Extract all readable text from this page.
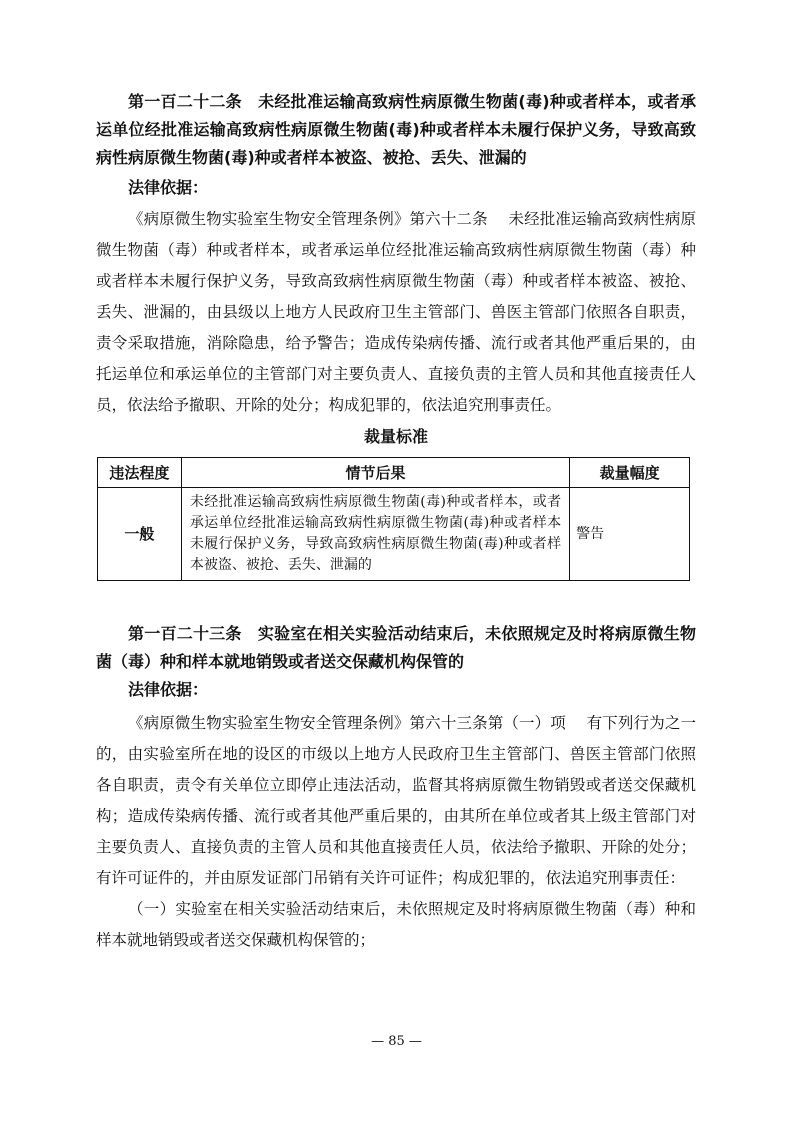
第一百二十二条　未经批准运输高致病性病原微生物菌(毒)种或者样本，或者承运单位经批准运输高致病性病原微生物菌(毒)种或者样本未履行保护义务，导致高致病性病原微生物菌(毒)种或者样本被盗、被抢、丢失、泄漏的

法律依据：

《病原微生物实验室生物安全管理条例》第六十二条　 未经批准运输高致病性病原微生物菌（毒）种或者样本，或者承运单位经批准运输高致病性病原微生物菌（毒）种或者样本未履行保护义务，导致高致病性病原微生物菌（毒）种或者样本被盗、被抢、丢失、泄漏的，由县级以上地方人民政府卫生主管部门、兽医主管部门依照各自职责，责令采取措施，消除隐患，给予警告；造成传染病传播、流行或者其他严重后果的，由托运单位和承运单位的主管部门对主要负责人、直接负责的主管人员和其他直接责任人员，依法给予撤职、开除的处分；构成犯罪的，依法追究刑事责任。

裁量标准
违法程度	情节后果	裁量幅度
一般	未经批准运输高致病性病原微生物菌(毒)种或者样本，或者承运单位经批准运输高致病性病原微生物菌(毒)种或者样本未履行保护义务，导致高致病性病原微生物菌(毒)种或者样本被盗、被抢、丢失、泄漏的	警告

第一百二十三条　实验室在相关实验活动结束后，未依照规定及时将病原微生物菌（毒）种和样本就地销毁或者送交保藏机构保管的

法律依据：

《病原微生物实验室生物安全管理条例》第六十三条第（一）项　 有下列行为之一的，由实验室所在地的设区的市级以上地方人民政府卫生主管部门、兽医主管部门依照各自职责，责令有关单位立即停止违法活动，监督其将病原微生物销毁或者送交保藏机构；造成传染病传播、流行或者其他严重后果的，由其所在单位或者其上级主管部门对主要负责人、直接负责的主管人员和其他直接责任人员，依法给予撤职、开除的处分；有许可证件的，并由原发证部门吊销有关许可证件；构成犯罪的，依法追究刑事责任：

（一）实验室在相关实验活动结束后，未依照规定及时将病原微生物菌（毒）种和样本就地销毁或者送交保藏机构保管的；

— 85 —
